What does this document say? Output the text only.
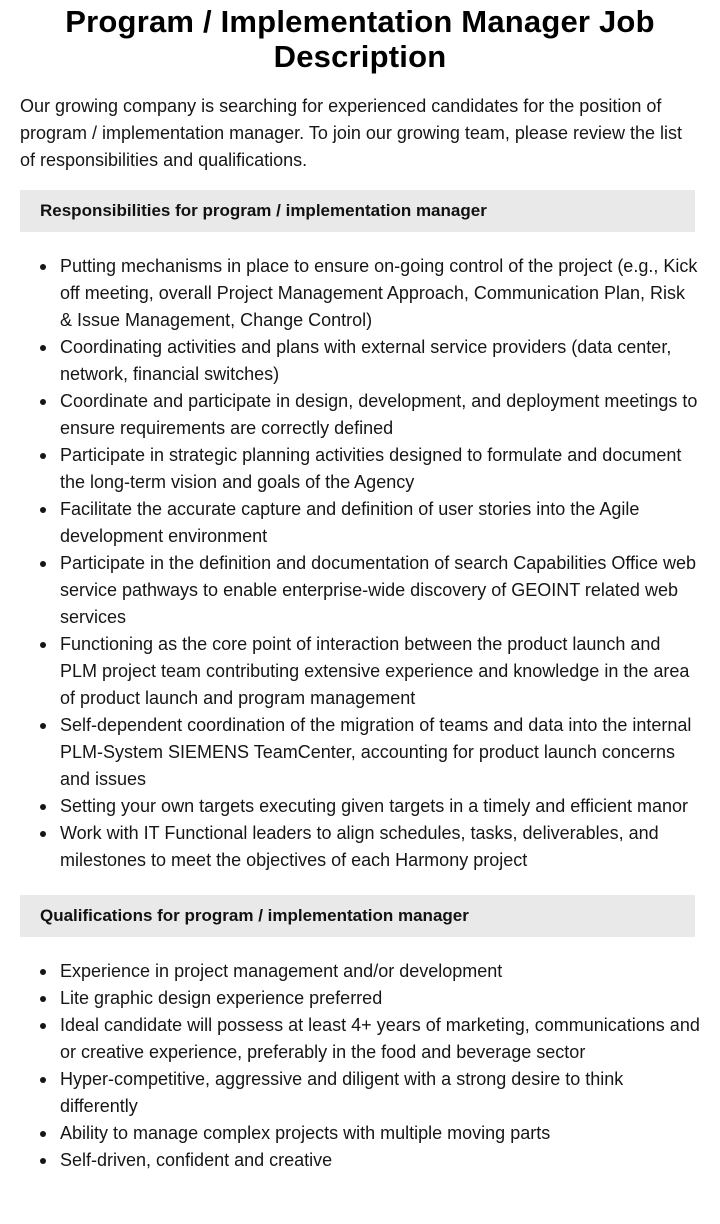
Program / Implementation Manager Job Description

Our growing company is searching for experienced candidates for the position of program / implementation manager. To join our growing team, please review the list of responsibilities and qualifications.

Responsibilities for program / implementation manager
Putting mechanisms in place to ensure on-going control of the project (e.g., Kick off meeting, overall Project Management Approach, Communication Plan, Risk & Issue Management, Change Control)
Coordinating activities and plans with external service providers (data center, network, financial switches)
Coordinate and participate in design, development, and deployment meetings to ensure requirements are correctly defined
Participate in strategic planning activities designed to formulate and document the long-term vision and goals of the Agency
Facilitate the accurate capture and definition of user stories into the Agile development environment
Participate in the definition and documentation of search Capabilities Office web service pathways to enable enterprise-wide discovery of GEOINT related web services
Functioning as the core point of interaction between the product launch and PLM project team contributing extensive experience and knowledge in the area of product launch and program management
Self-dependent coordination of the migration of teams and data into the internal PLM-System SIEMENS TeamCenter, accounting for product launch concerns and issues
Setting your own targets executing given targets in a timely and efficient manor
Work with IT Functional leaders to align schedules, tasks, deliverables, and milestones to meet the objectives of each Harmony project
Qualifications for program / implementation manager
Experience in project management and/or development
Lite graphic design experience preferred
Ideal candidate will possess at least 4+ years of marketing, communications and or creative experience, preferably in the food and beverage sector
Hyper-competitive, aggressive and diligent with a strong desire to think differently
Ability to manage complex projects with multiple moving parts
Self-driven, confident and creative
